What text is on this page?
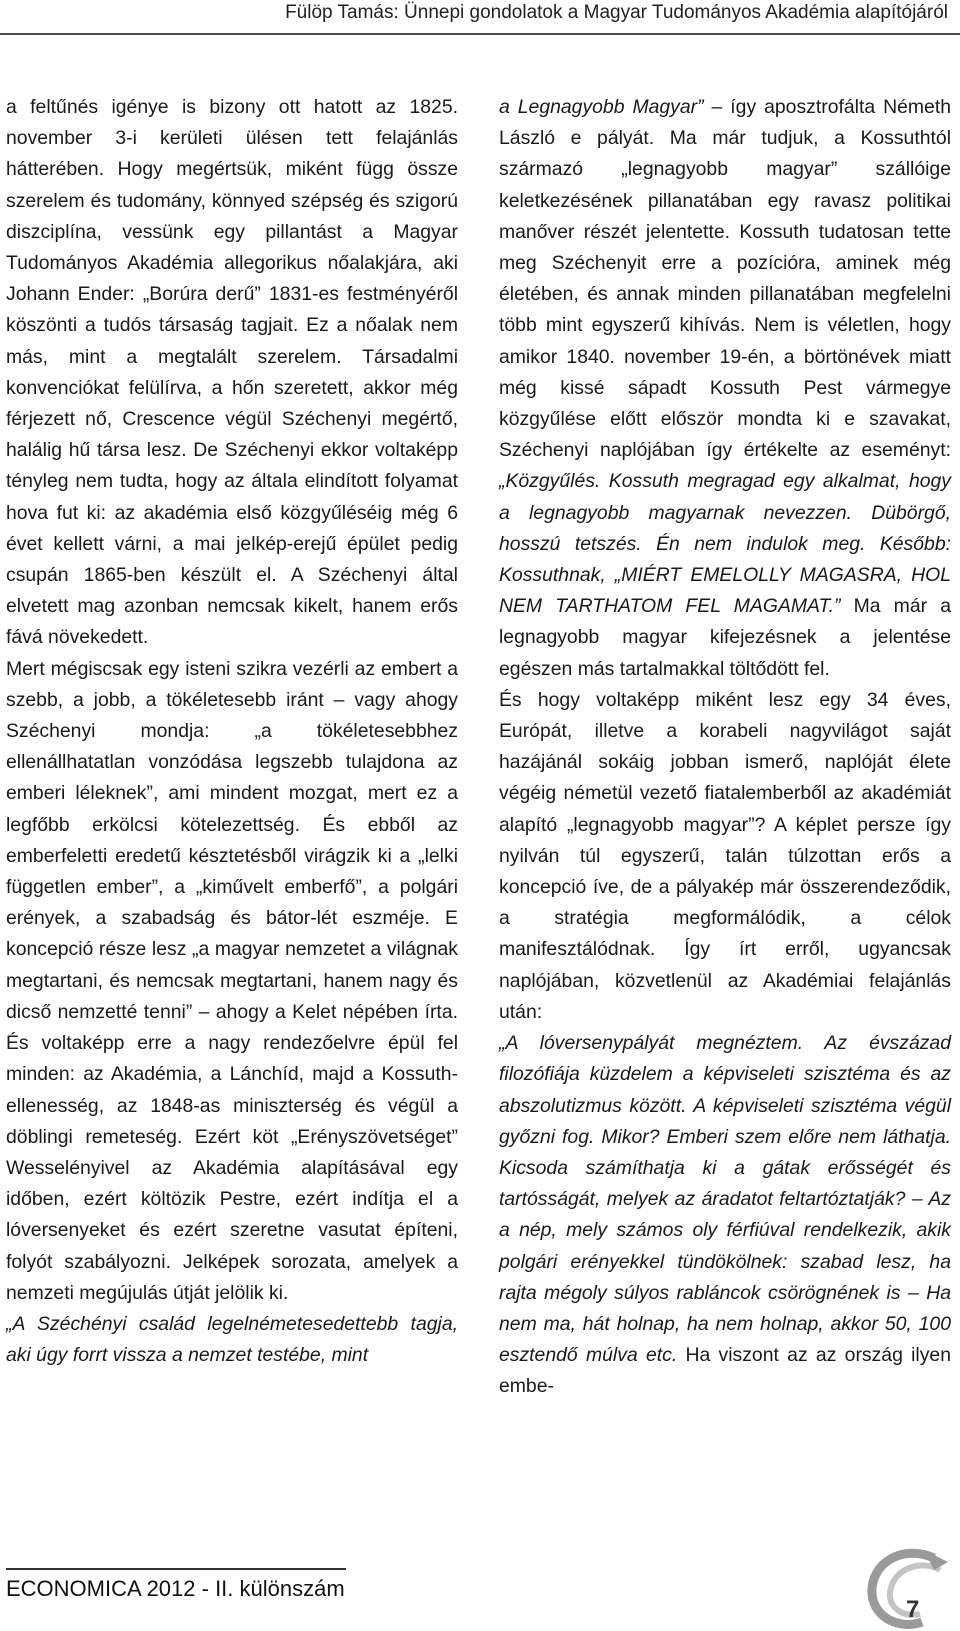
Fülöp Tamás: Ünnepi gondolatok a Magyar Tudományos Akadémia alapítójáról

a feltűnés igénye is bizony ott hatott az 1825. november 3-i kerületi ülésen tett felajánlás hátterében. Hogy megértsük, miként függ össze szerelem és tudomány, könnyed szépség és szigorú diszciplína, vessünk egy pillantást a Magyar Tudományos Akadémia allegorikus nőalakjára, aki Johann Ender: „Borúra derű” 1831-es festményéről köszönti a tudós társaság tagjait. Ez a nőalak nem más, mint a megtalált szerelem. Társadalmi konvenciókat felülírva, a hőn szeretett, akkor még férjezett nő, Crescence végül Széchenyi megértő, halálig hű társa lesz. De Széchenyi ekkor voltaképp tényleg nem tudta, hogy az általa elindított folyamat hova fut ki: az akadémia első közgyűléséig még 6 évet kellett várni, a mai jelkép-erejű épület pedig csupán 1865-ben készült el. A Széchenyi által elvetett mag azonban nemcsak kikelt, hanem erős fává növekedett.

Mert mégiscsak egy isteni szikra vezérli az embert a szebb, a jobb, a tökéletesebb iránt – vagy ahogy Széchenyi mondja: „a tökéletesebbhez ellenállhatatlan vonzódása legszebb tulajdona az emberi léleknek”, ami mindent mozgat, mert ez a legfőbb erkölcsi kötelezettség. És ebből az emberfeletti eredetű késztetésből virágzik ki a „lelki független ember”, a „kiművelt emberfő”, a polgári erények, a szabadság és bátor-lét eszméje. E koncepció része lesz „a magyar nemzetet a világnak megtartani, és nemcsak megtartani, hanem nagy és dicső nemzetté tenni” – ahogy a Kelet népében írta. És voltaképp erre a nagy rendezőelvre épül fel minden: az Akadémia, a Lánchíd, majd a Kossuth-ellenesség, az 1848-as miniszterség és végül a döblingi remeteség. Ezért köt „Erényszövetséget” Wesselényivel az Akadémia alapításával egy időben, ezért költözik Pestre, ezért indítja el a lóversenyeket és ezért szeretne vasutat építeni, folyót szabályozni. Jelképek sorozata, amelyek a nemzeti megújulás útját jelölik ki.

„A Széchényi család legelnémetesedettebb tagja, aki úgy forrt vissza a nemzet testébe, mint

a Legnagyobb Magyar” – így aposztrofálta Németh László e pályát. Ma már tudjuk, a Kossuthtól származó „legnagyobb magyar” szállóige keletkezésének pillanatában egy ravasz politikai manőver részét jelentette. Kossuth tudatosan tette meg Széchenyit erre a pozícióra, aminek még életében, és annak minden pillanatában megfelelni több mint egyszerű kihívás. Nem is véletlen, hogy amikor 1840. november 19-én, a börtönévek miatt még kissé sápadt Kossuth Pest vármegye közgyűlése előtt először mondta ki e szavakat, Széchenyi naplójában így értékelte az eseményt: „Közgyűlés. Kossuth megragad egy alkalmat, hogy a legnagyobb magyarnak nevezzen. Dübörgő, hosszú tetszés. Én nem indulok meg. Később: Kossuthnak, „MIÉRT EMELOLLY MAGASRA, HOL NEM TARTHATOM FEL MAGAMAT.” Ma már a legnagyobb magyar kifejezésnek a jelentése egészen más tartalmakkal töltődött fel.

És hogy voltaképp miként lesz egy 34 éves, Európát, illetve a korabeli nagyvilágot saját hazájánál sokáig jobban ismerő, naplóját élete végéig németül vezető fiatalemberből az akadémiát alapító „legnagyobb magyar”? A képlet persze így nyilván túl egyszerű, talán túlzottan erős a koncepció íve, de a pályakép már összerendeződik, a stratégia megformálódik, a célok manifesztálódnak. Így írt erről, ugyancsak naplójában, közvetlenül az Akadémiai felajánlás után:

„A lóversenypályát megnéztem. Az évszázad filozófiája küzdelem a képviseleti szisztéma és az abszolutizmus között. A képviseleti szisztéma végül győzni fog. Mikor? Emberi szem előre nem láthatja. Kicsoda számíthatja ki a gátak erősségét és tartósságát, melyek az áradatot feltartóztatják? – Az a nép, mely számos oly férfiúval rendelkezik, akik polgári erényekkel tündökölnek: szabad lesz, ha rajta mégoly súlyos rabláncok csörögnének is – Ha nem ma, hát holnap, ha nem holnap, akkor 50, 100 esztendő múlva etc. Ha viszont az az ország ilyen embe-

ECONOMICA 2012 - II. különszám
7
